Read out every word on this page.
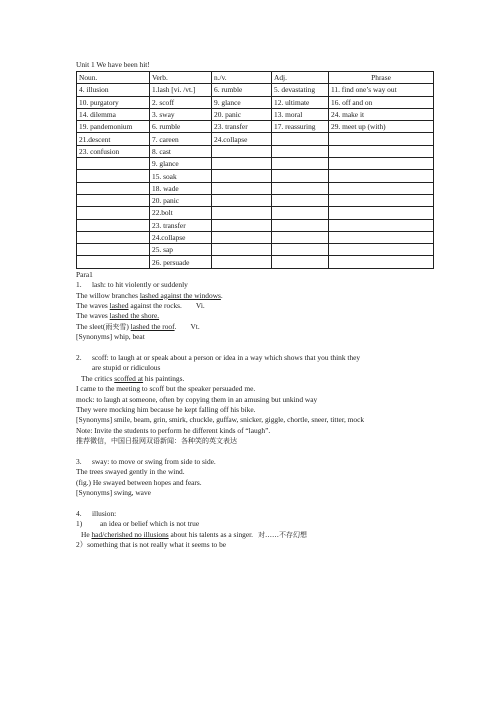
Unit 1 We have been hit!
Noun.	Verb.	n./v.	Adj.	Phrase
4. illusion	1.lash [vi. /vt.]	6. rumble	5. devastating	11. find one’s way out
10. purgatory	2. scoff	9. glance	12. ultimate	16. off and on
14. dilemma	3. sway	20. panic	13. moral	24. make it
19. pandemonium	6. rumble	23. transfer	17. reassuring	29. meet up (with)
21.descent	7. careen	24.collapse		
23. confusion	8. cast			
	9. glance			
	15. soak			
	18. wade			
	20. panic			
	22.bolt			
	23. transfer			
	24.collapse			
	25. sap			
	26. persuade			
Para1
1. lash: to hit violently or suddenly
The willow branches lashed against the windows.
The waves lashed against the rocks. Vi.
The waves lashed the shore.
The sleet(雨夹雪) lashed the roof. Vt.
[Synonyms] whip, beat
2. scoff: to laugh at or speak about a person or idea in a way which shows that you think they
are stupid or ridiculous
The critics scoffed at his paintings.
I came to the meeting to scoff but the speaker persuaded me.
mock: to laugh at someone, often by copying them in an amusing but unkind way
They were mocking him because he kept falling off his bike.
[Synonyms] smile, beam, grin, smirk, chuckle, guffaw, snicker, giggle, chortle, sneer, titter, mock
Note: Invite the students to perform he different kinds of “laugh”.
推荐微信，中国日报网双语新闻：各种笑的英文表达
3. sway: to move or swing from side to side.
The trees swayed gently in the wind.
(fig.) He swayed between hopes and fears.
[Synonyms] swing, wave
4. illusion:
1) an idea or belief which is not true
He had/cherished no illusions about his talents as a singer. 对……不存幻想
2）something that is not really what it seems to be
